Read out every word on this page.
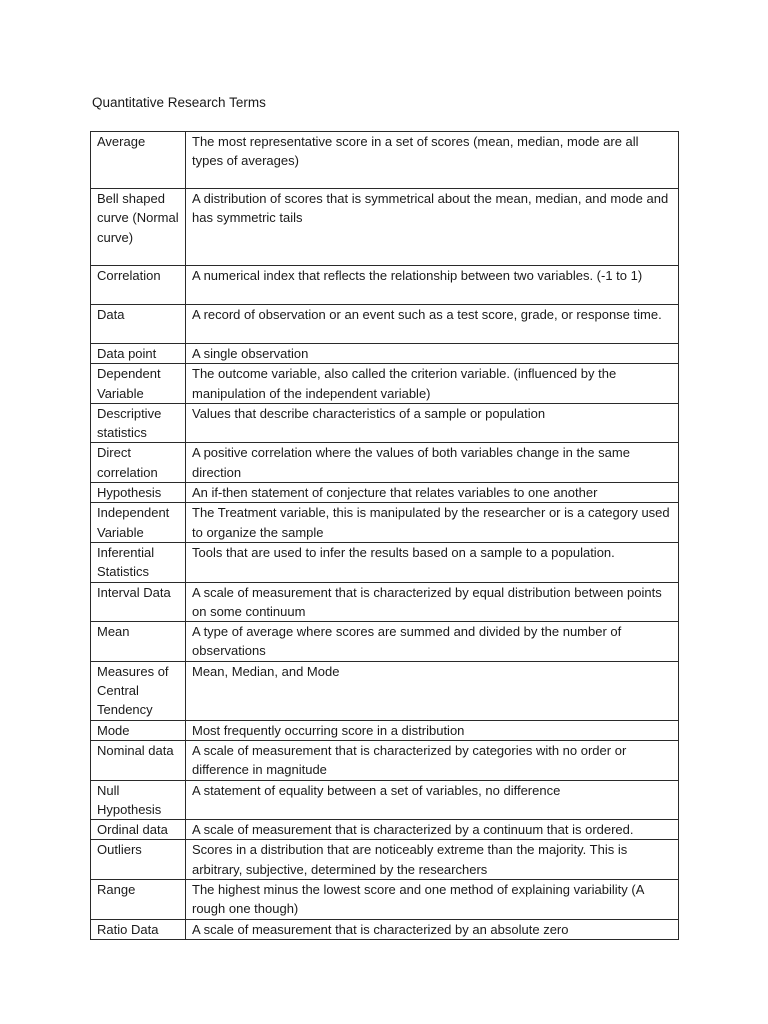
Quantitative Research Terms
Average	The most representative score in a set of scores (mean, median, mode are all types of averages)
Bell shaped curve (Normal curve)	A distribution of scores that is symmetrical about the mean, median, and mode and has symmetric tails
Correlation	A numerical index that reflects the relationship between two variables. (-1 to 1)
Data	A record of observation or an event such as a test score, grade, or response time.
Data point	A single observation
Dependent Variable	The outcome variable, also called the criterion variable. (influenced by the manipulation of the independent variable)
Descriptive statistics	Values that describe characteristics of a sample or population
Direct correlation	A positive correlation where the values of both variables change in the same direction
Hypothesis	An if-then statement of conjecture that relates variables to one another
Independent Variable	The Treatment variable, this is manipulated by the researcher or is a category used to organize the sample
Inferential Statistics	Tools that are used to infer the results based on a sample to a population.
Interval Data	A scale of measurement that is characterized by equal distribution between points on some continuum
Mean	A type of average where scores are summed and divided by the number of observations
Measures of Central Tendency	Mean, Median, and Mode
Mode	Most frequently occurring score in a distribution
Nominal data	A scale of measurement that is characterized by categories with no order or difference in magnitude
Null Hypothesis	A statement of equality between a set of variables, no difference
Ordinal data	A scale of measurement that is characterized by a continuum that is ordered.
Outliers	Scores in a distribution that are noticeably extreme than the majority. This is arbitrary, subjective, determined by the researchers
Range	The highest minus the lowest score and one method of explaining variability (A rough one though)
Ratio Data	A scale of measurement that is characterized by an absolute zero
